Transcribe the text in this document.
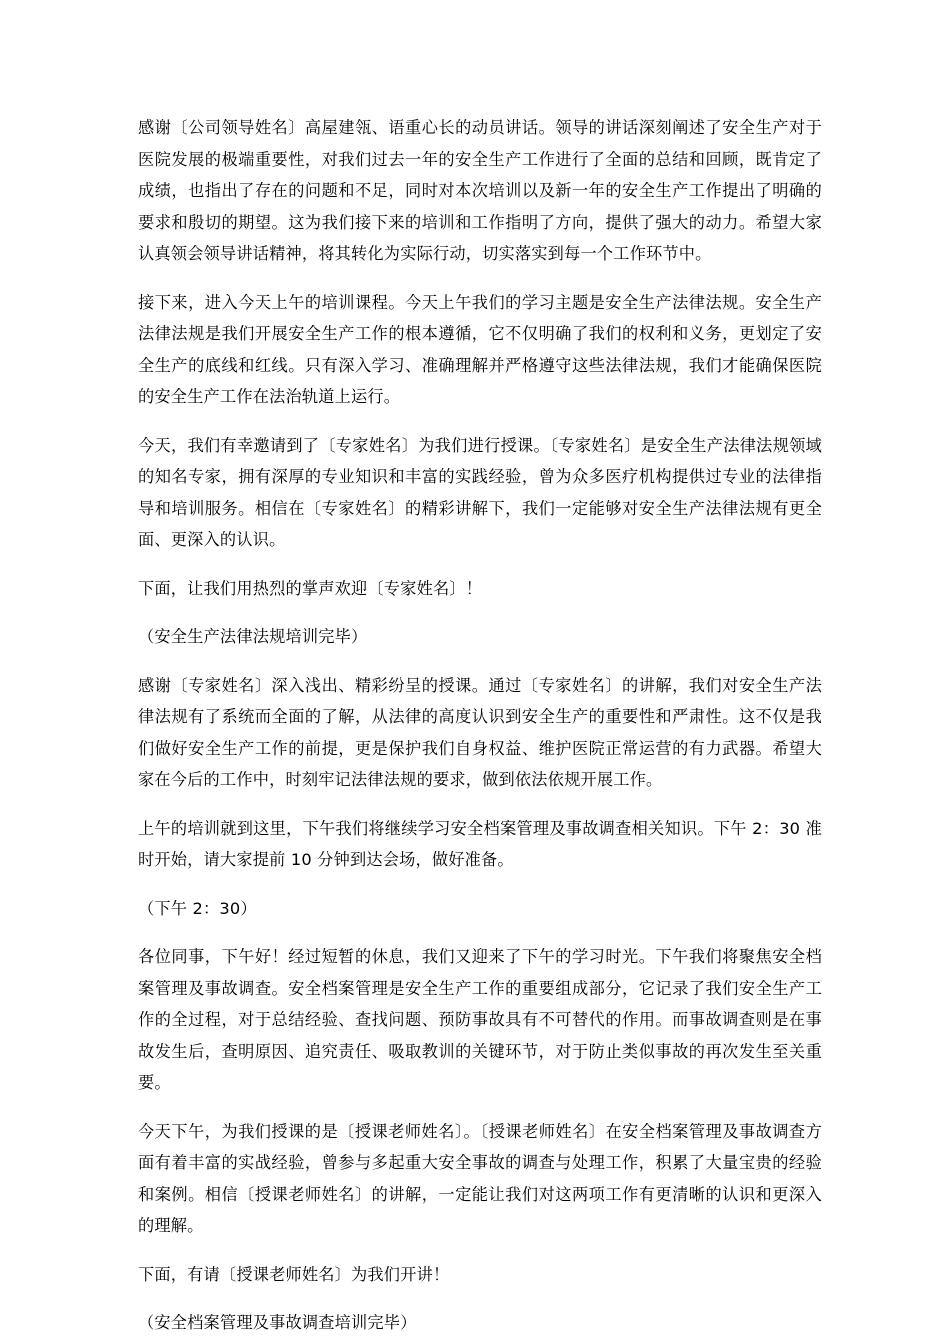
感谢〔公司领导姓名〕高屋建瓴、语重心长的动员讲话。领导的讲话深刻阐述了安全生产对于医院发展的极端重要性，对我们过去一年的安全生产工作进行了全面的总结和回顾，既肯定了成绩，也指出了存在的问题和不足，同时对本次培训以及新一年的安全生产工作提出了明确的要求和殷切的期望。这为我们接下来的培训和工作指明了方向，提供了强大的动力。希望大家认真领会领导讲话精神，将其转化为实际行动，切实落实到每一个工作环节中。

接下来，进入今天上午的培训课程。今天上午我们的学习主题是安全生产法律法规。安全生产法律法规是我们开展安全生产工作的根本遵循，它不仅明确了我们的权利和义务，更划定了安全生产的底线和红线。只有深入学习、准确理解并严格遵守这些法律法规，我们才能确保医院的安全生产工作在法治轨道上运行。

今天，我们有幸邀请到了〔专家姓名〕为我们进行授课。〔专家姓名〕是安全生产法律法规领域的知名专家，拥有深厚的专业知识和丰富的实践经验，曾为众多医疗机构提供过专业的法律指导和培训服务。相信在〔专家姓名〕的精彩讲解下，我们一定能够对安全生产法律法规有更全面、更深入的认识。

下面，让我们用热烈的掌声欢迎〔专家姓名〕！

（安全生产法律法规培训完毕）

感谢〔专家姓名〕深入浅出、精彩纷呈的授课。通过〔专家姓名〕的讲解，我们对安全生产法律法规有了系统而全面的了解，从法律的高度认识到安全生产的重要性和严肃性。这不仅是我们做好安全生产工作的前提，更是保护我们自身权益、维护医院正常运营的有力武器。希望大家在今后的工作中，时刻牢记法律法规的要求，做到依法依规开展工作。

上午的培训就到这里，下午我们将继续学习安全档案管理及事故调查相关知识。下午 2：30 准时开始，请大家提前 10 分钟到达会场，做好准备。

（下午 2：30）

各位同事，下午好！经过短暂的休息，我们又迎来了下午的学习时光。下午我们将聚焦安全档案管理及事故调查。安全档案管理是安全生产工作的重要组成部分，它记录了我们安全生产工作的全过程，对于总结经验、查找问题、预防事故具有不可替代的作用。而事故调查则是在事故发生后，查明原因、追究责任、吸取教训的关键环节，对于防止类似事故的再次发生至关重要。

今天下午，为我们授课的是〔授课老师姓名〕。〔授课老师姓名〕在安全档案管理及事故调查方面有着丰富的实战经验，曾参与多起重大安全事故的调查与处理工作，积累了大量宝贵的经验和案例。相信〔授课老师姓名〕的讲解，一定能让我们对这两项工作有更清晰的认识和更深入的理解。

下面，有请〔授课老师姓名〕为我们开讲！

（安全档案管理及事故调查培训完毕）
